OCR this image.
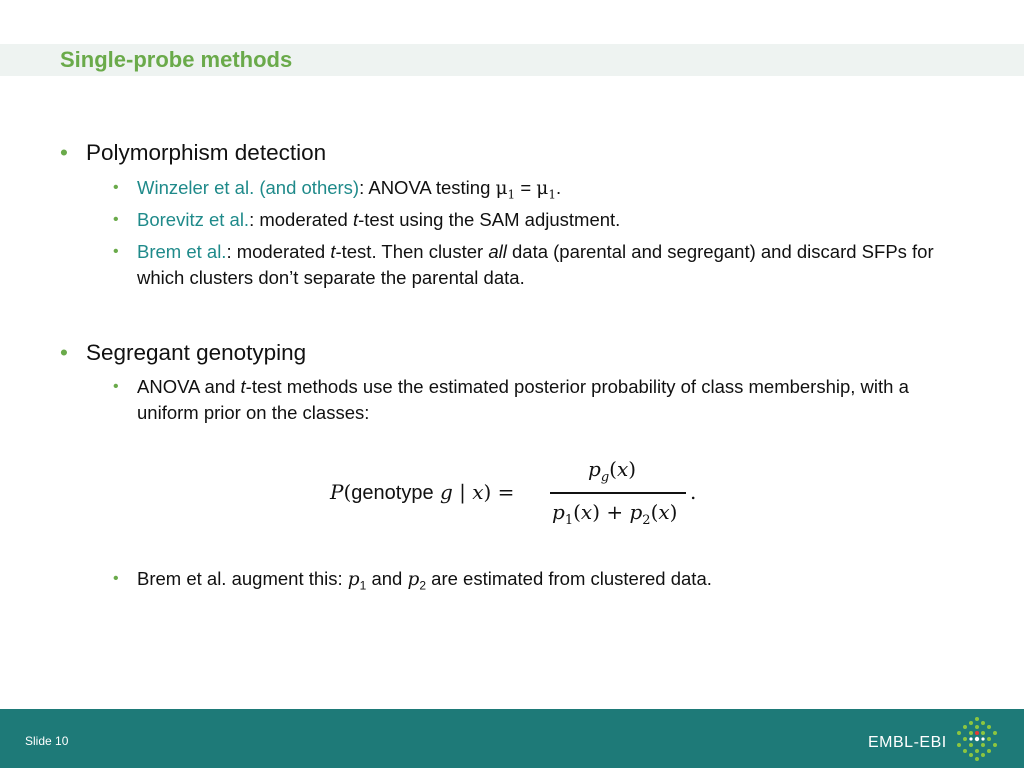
Single-probe methods
• Polymorphism detection
• Winzeler et al. (and others): ANOVA testing $\mu_1 = \mu_1$.
• Borevitz et al.: moderated t-test using the SAM adjustment.
• Brem et al.: moderated t-test. Then cluster all data (parental and segregant) and discard SFPs for which clusters don’t separate the parental data.
• Segregant genotyping
• ANOVA and t-test methods use the estimated posterior probability of class membership, with a uniform prior on the classes:
P(genotype g | x) =
$p_g(x)$
$p_1(x) + p_2(x)$
.
• Brem et al. augment this: $p_1$ and $p_2$ are estimated from clustered data.
Slide 10	EMBL-EBI
